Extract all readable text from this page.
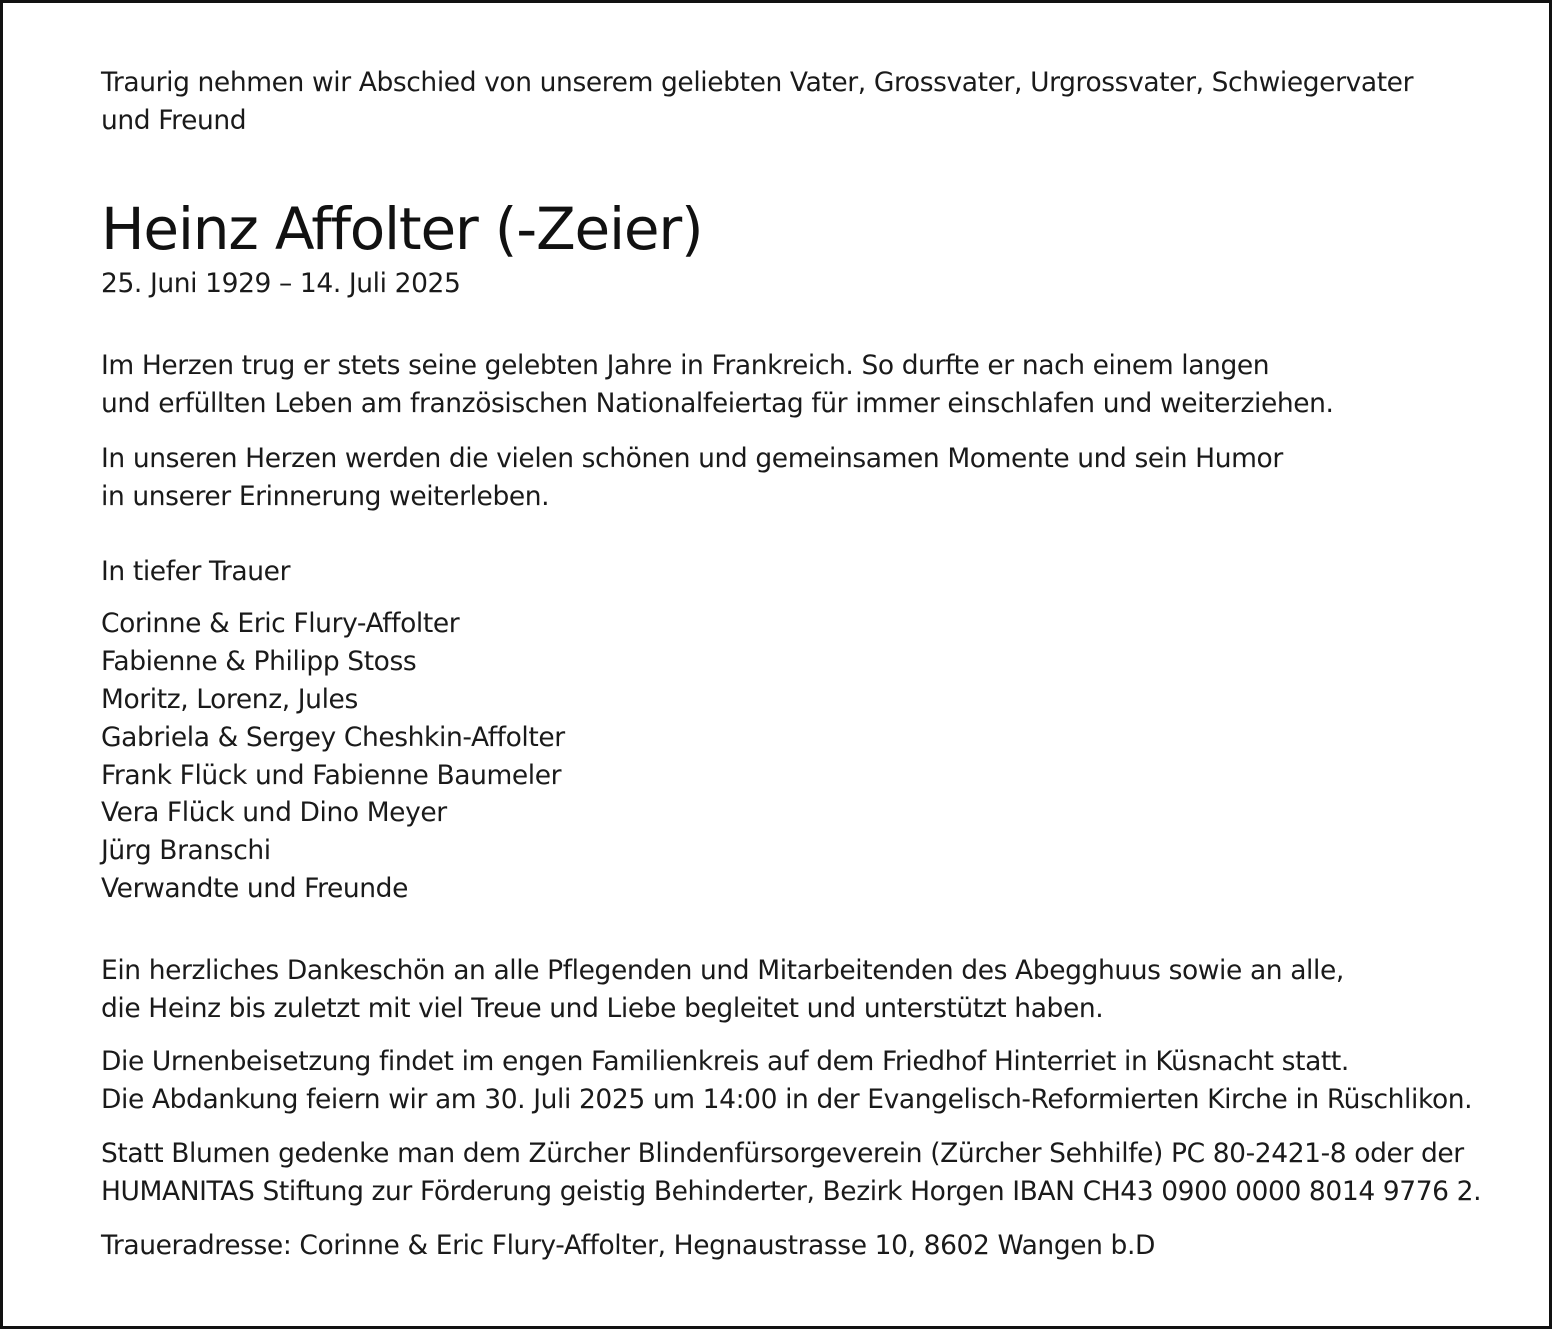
Traurig nehmen wir Abschied von unserem geliebten Vater, Grossvater, Urgrossvater, Schwiegervater
und Freund

Heinz Affolter (-Zeier)

25. Juni 1929 – 14. Juli 2025

Im Herzen trug er stets seine gelebten Jahre in Frankreich. So durfte er nach einem langen
und erfüllten Leben am französischen Nationalfeiertag für immer einschlafen und weiterziehen.

In unseren Herzen werden die vielen schönen und gemeinsamen Momente und sein Humor
in unserer Erinnerung weiterleben.

In tiefer Trauer

Corinne & Eric Flury-Affolter
Fabienne & Philipp Stoss
Moritz, Lorenz, Jules
Gabriela & Sergey Cheshkin-Affolter
Frank Flück und Fabienne Baumeler
Vera Flück und Dino Meyer
Jürg Branschi
Verwandte und Freunde

Ein herzliches Dankeschön an alle Pflegenden und Mitarbeitenden des Abegghuus sowie an alle,
die Heinz bis zuletzt mit viel Treue und Liebe begleitet und unterstützt haben.

Die Urnenbeisetzung findet im engen Familienkreis auf dem Friedhof Hinterriet in Küsnacht statt.
Die Abdankung feiern wir am 30. Juli 2025 um 14:00 in der Evangelisch-Reformierten Kirche in Rüschlikon.

Statt Blumen gedenke man dem Zürcher Blindenfürsorgeverein (Zürcher Sehhilfe) PC 80-2421-8 oder der
HUMANITAS Stiftung zur Förderung geistig Behinderter, Bezirk Horgen IBAN CH43 0900 0000 8014 9776 2.

Traueradresse: Corinne & Eric Flury-Affolter, Hegnaustrasse 10, 8602 Wangen b.D
